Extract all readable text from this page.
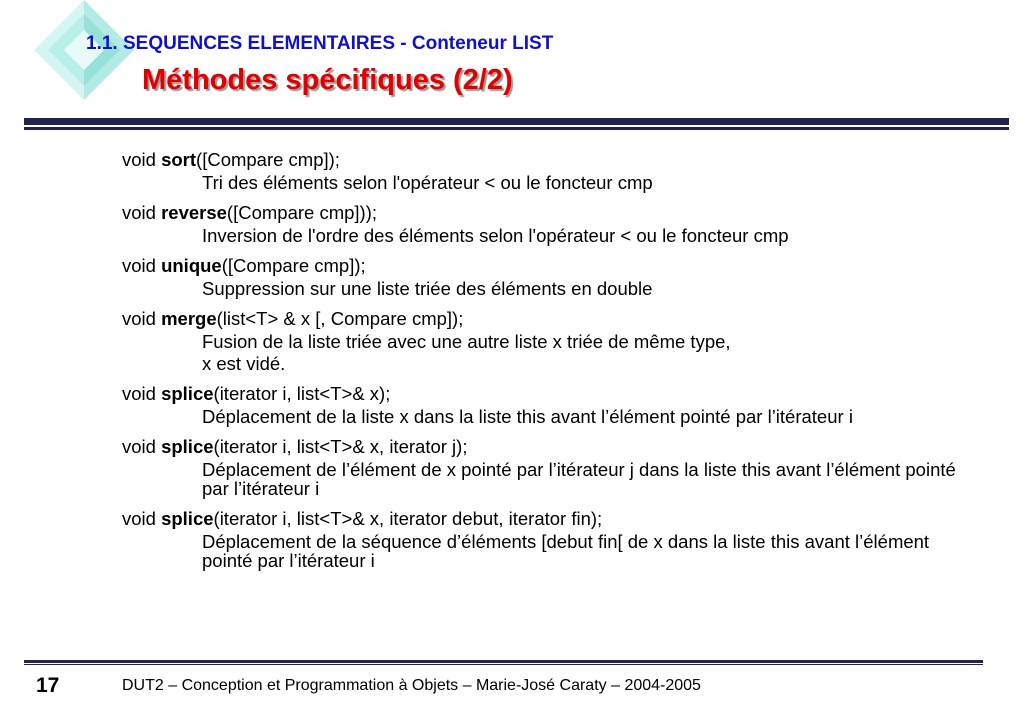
1.1. SEQUENCES ELEMENTAIRES - Conteneur LIST
Méthodes spécifiques (2/2)
void sort([Compare cmp]);
Tri des éléments selon l'opérateur < ou le foncteur cmp
void reverse([Compare cmp]));
Inversion de l'ordre des éléments selon l'opérateur < ou le foncteur cmp
void unique([Compare cmp]);
Suppression sur une liste triée des éléments en double
void merge(list<T> & x [, Compare cmp]);
Fusion de la liste triée avec une autre liste x triée de même type,
x est vidé.
void splice(iterator i, list<T>& x);
Déplacement de la liste x dans la liste this avant l’élément pointé par l’itérateur i
void splice(iterator i, list<T>& x, iterator j);
Déplacement de l’élément de x pointé par l’itérateur j dans la liste this avant l’élément pointé par l’itérateur i
void splice(iterator i, list<T>& x, iterator debut, iterator fin);
Déplacement de la séquence d’éléments [debut fin[ de x dans la liste this avant l’élément pointé par l’itérateur i
17	DUT2 – Conception et Programmation à Objets – Marie-José Caraty – 2004-2005
